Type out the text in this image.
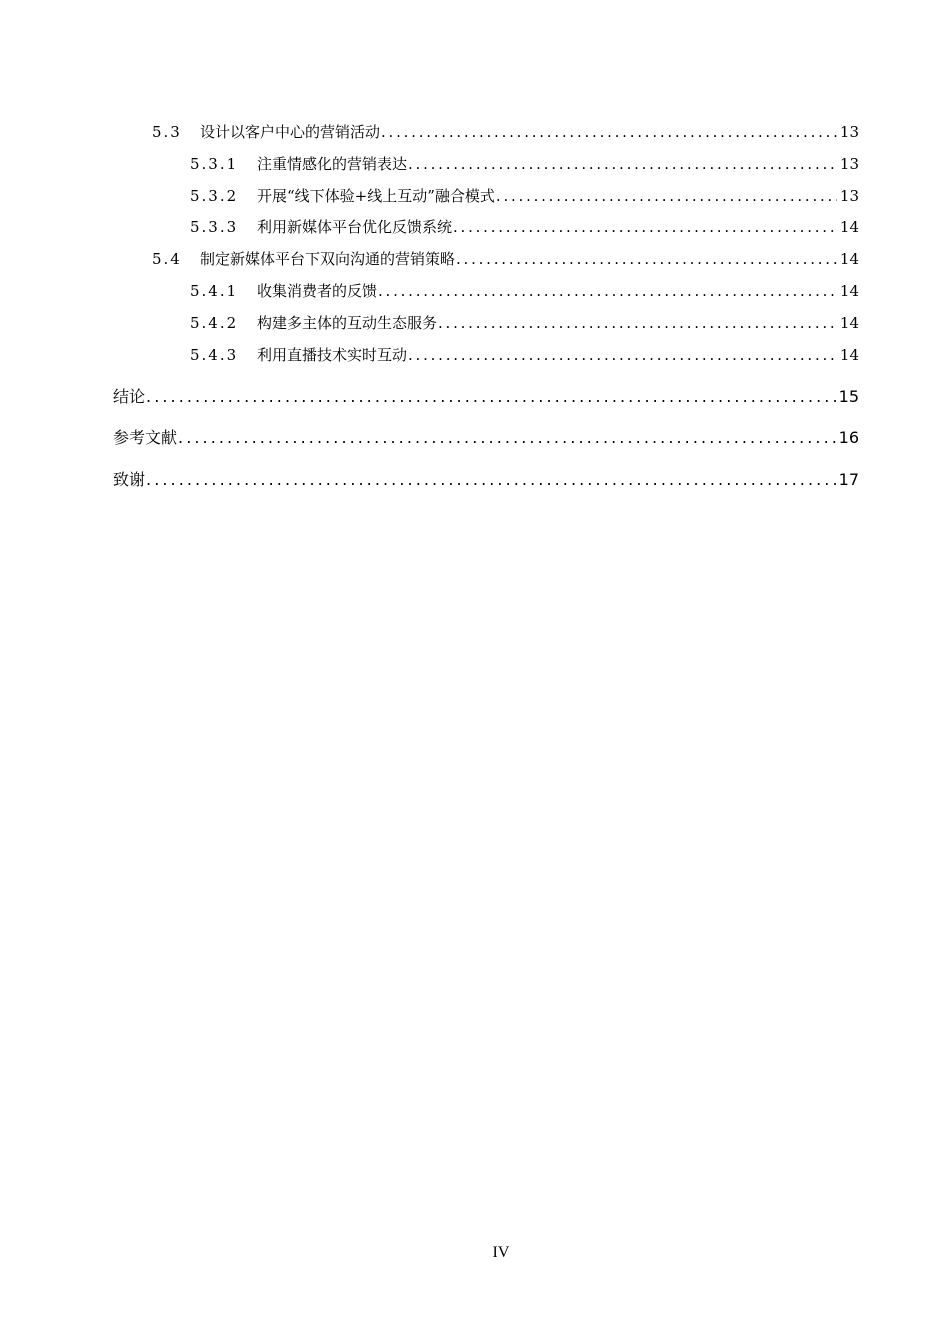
5.3	设计以客户中心的营销活动 . . .	13
5.3.1	注重情感化的营销表达 . . .	13
5.3.2	开展“线下体验+线上互动”融合模式 . . .	13
5.3.3	利用新媒体平台优化反馈系统 . . .	14
5.4	制定新媒体平台下双向沟通的营销策略 . . .	14
5.4.1	收集消费者的反馈 . . .	14
5.4.2	构建多主体的互动生态服务 . . .	14
5.4.3	利用直播技术实时互动 . . .	14
结论 . . .	15
参考文献 . . .	16
致谢 . . .	17
IV
